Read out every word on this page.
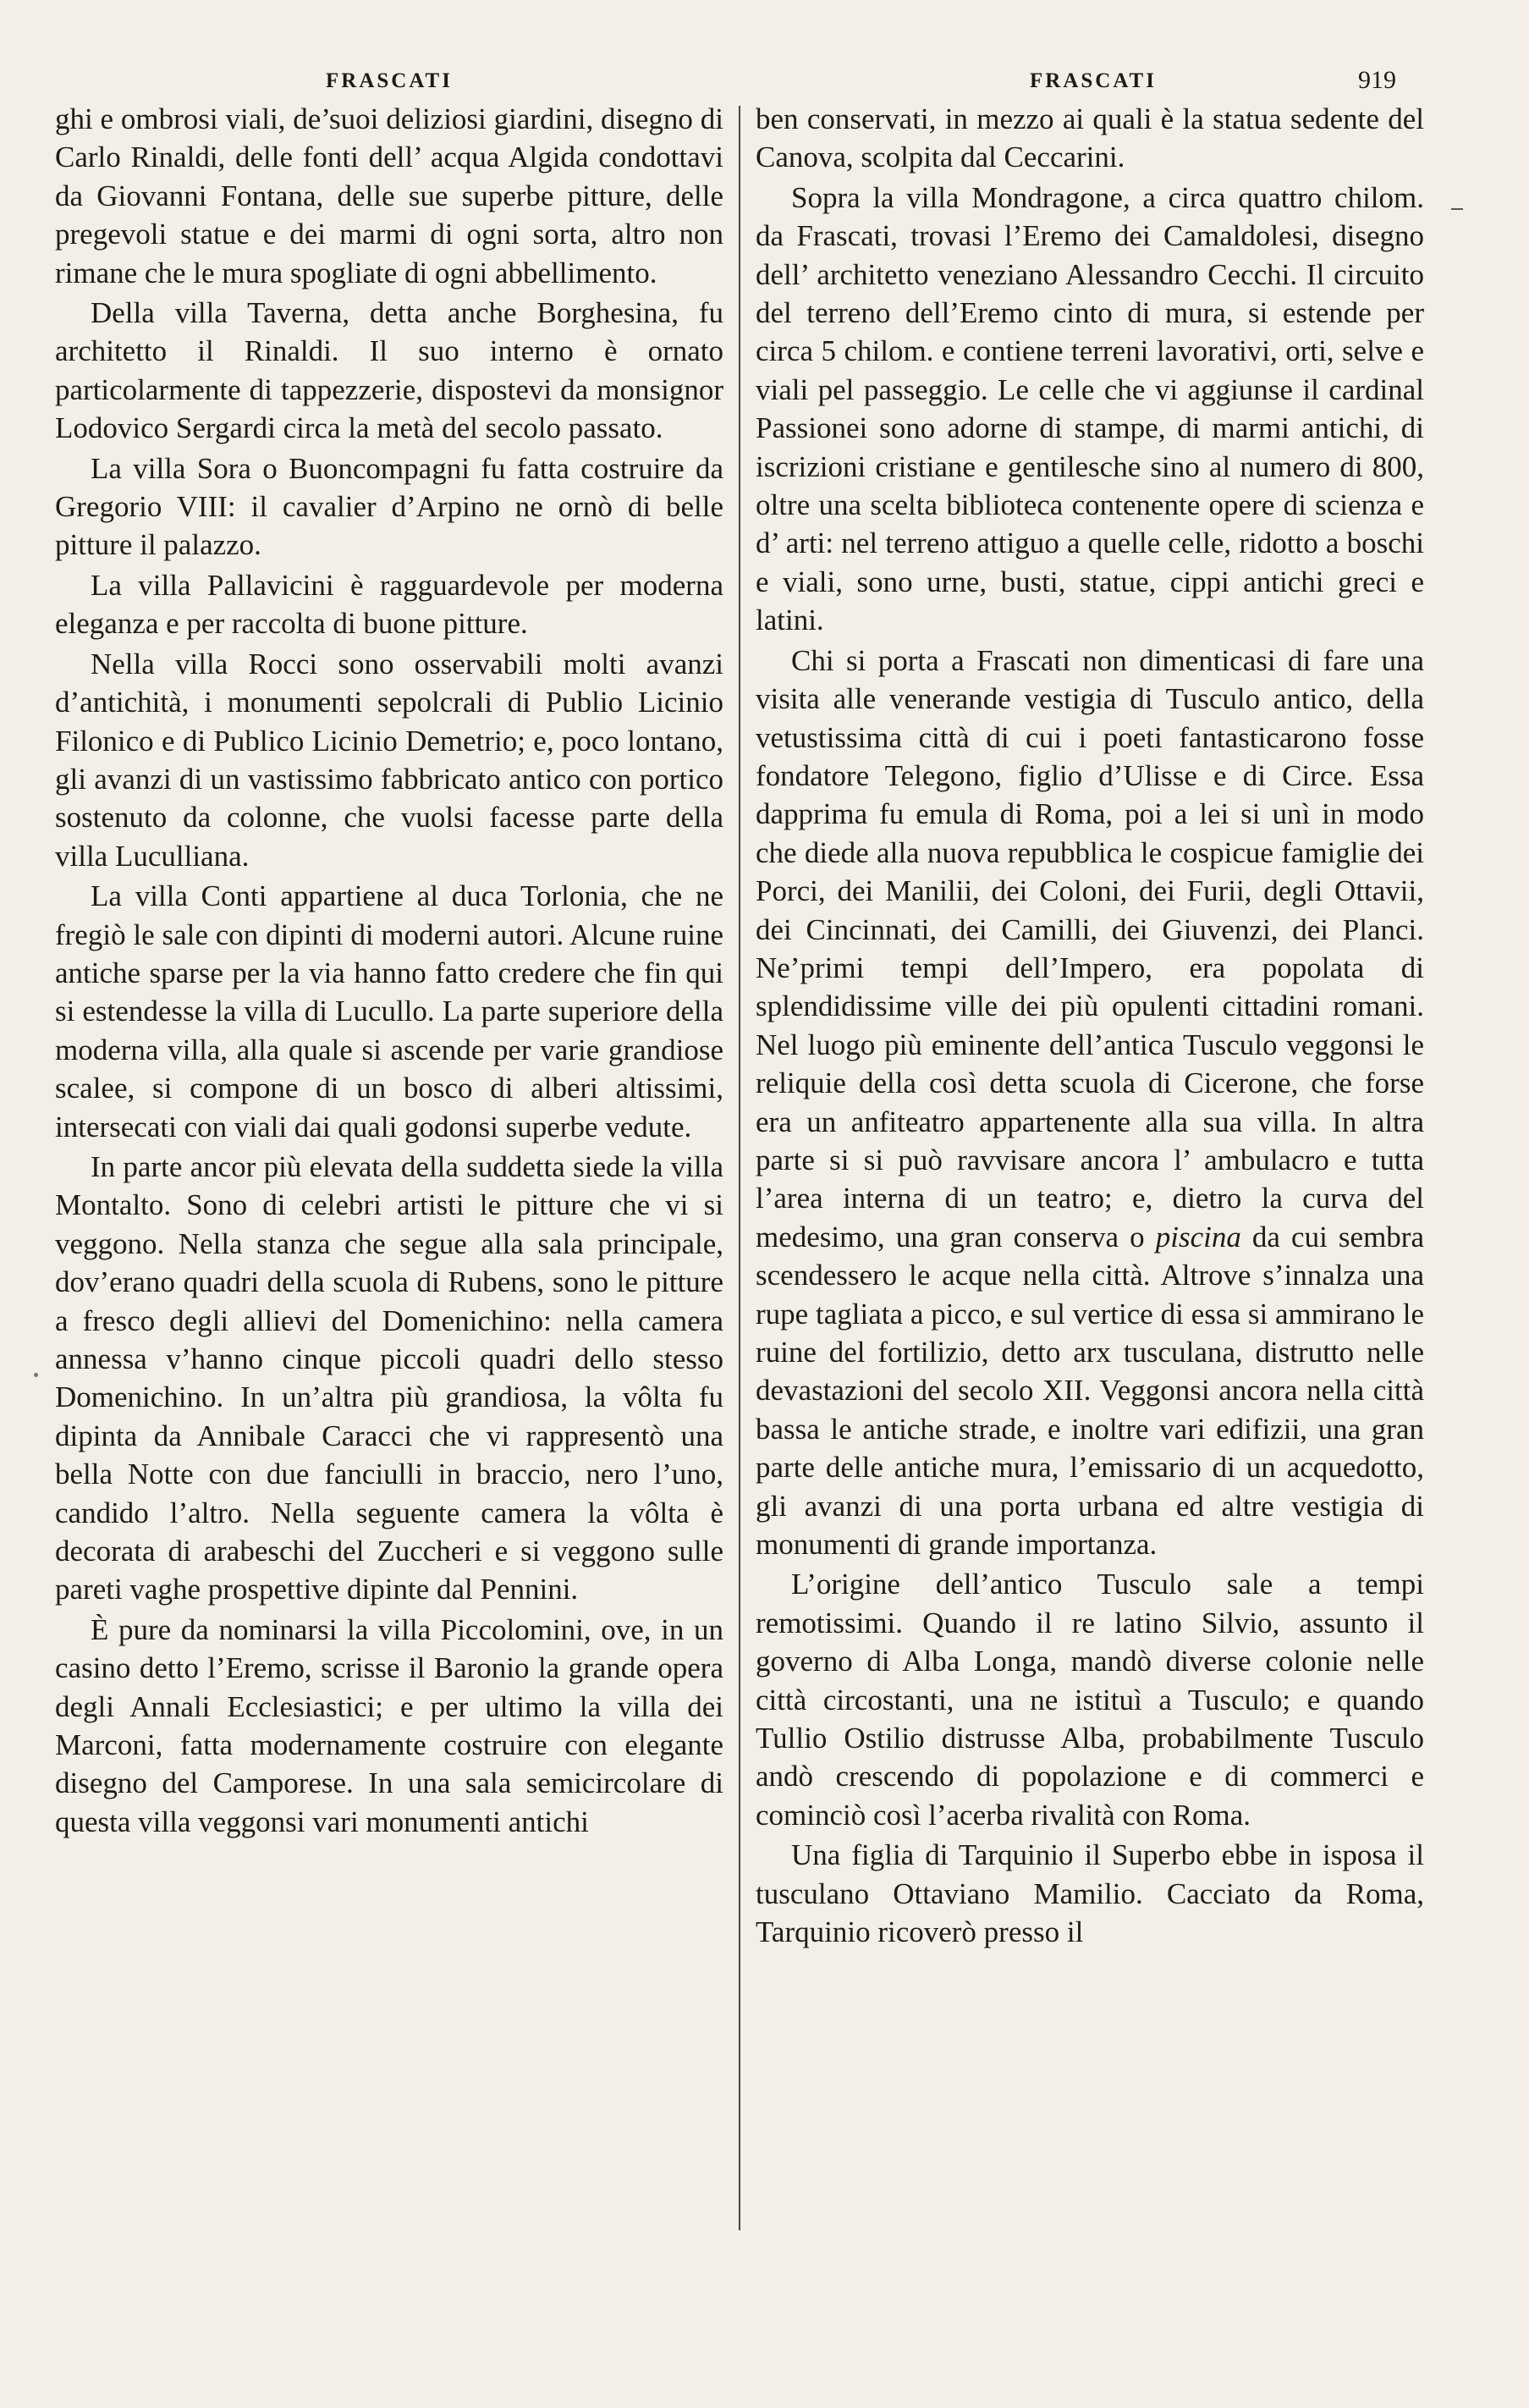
FRASCATI	FRASCATI	919

ghi e ombrosi viali, de’suoi deliziosi giardini, disegno di Carlo Rinaldi, delle fonti dell’ acqua Algida condottavi da Giovanni Fontana, delle sue superbe pitture, delle pregevoli statue e dei marmi di ogni sorta, altro non rimane che le mura spogliate di ogni abbellimento.

Della villa Taverna, detta anche Borghesina, fu architetto il Rinaldi. Il suo interno è ornato particolarmente di tappezzerie, dispostevi da monsignor Lodovico Sergardi circa la metà del secolo passato.

La villa Sora o Buoncompagni fu fatta costruire da Gregorio VIII: il cavalier d’Arpino ne ornò di belle pitture il palazzo.

La villa Pallavicini è ragguardevole per moderna eleganza e per raccolta di buone pitture.

Nella villa Rocci sono osservabili molti avanzi d’antichità, i monumenti sepolcrali di Publio Licinio Filonico e di Publico Licinio Demetrio; e, poco lontano, gli avanzi di un vastissimo fabbricato antico con portico sostenuto da colonne, che vuolsi facesse parte della villa Luculliana.

La villa Conti appartiene al duca Torlonia, che ne fregiò le sale con dipinti di moderni autori. Alcune ruine antiche sparse per la via hanno fatto credere che fin qui si estendesse la villa di Lucullo. La parte superiore della moderna villa, alla quale si ascende per varie grandiose scalee, si compone di un bosco di alberi altissimi, intersecati con viali dai quali godonsi superbe vedute.

In parte ancor più elevata della suddetta siede la villa Montalto. Sono di celebri artisti le pitture che vi si veggono. Nella stanza che segue alla sala principale, dov’erano quadri della scuola di Rubens, sono le pitture a fresco degli allievi del Domenichino: nella camera annessa v’hanno cinque piccoli quadri dello stesso Domenichino. In un’altra più grandiosa, la vôlta fu dipinta da Annibale Caracci che vi rappresentò una bella Notte con due fanciulli in braccio, nero l’uno, candido l’altro. Nella seguente camera la vôlta è decorata di arabeschi del Zuccheri e si veggono sulle pareti vaghe prospettive dipinte dal Pennini.

È pure da nominarsi la villa Piccolomini, ove, in un casino detto l’Eremo, scrisse il Baronio la grande opera degli Annali Ecclesiastici; e per ultimo la villa dei Marconi, fatta modernamente costruire con elegante disegno del Camporese. In una sala semicircolare di questa villa veggonsi vari monumenti antichi

ben conservati, in mezzo ai quali è la statua sedente del Canova, scolpita dal Ceccarini.

Sopra la villa Mondragone, a circa quattro chilom. da Frascati, trovasi l’Eremo dei Camaldolesi, disegno dell’ architetto veneziano Alessandro Cecchi. Il circuito del terreno dell’Eremo cinto di mura, si estende per circa 5 chilom. e contiene terreni lavorativi, orti, selve e viali pel passeggio. Le celle che vi aggiunse il cardinal Passionei sono adorne di stampe, di marmi antichi, di iscrizioni cristiane e gentilesche sino al numero di 800, oltre una scelta biblioteca contenente opere di scienza e d’ arti: nel terreno attiguo a quelle celle, ridotto a boschi e viali, sono urne, busti, statue, cippi antichi greci e latini.

Chi si porta a Frascati non dimenticasi di fare una visita alle venerande vestigia di Tusculo antico, della vetustissima città di cui i poeti fantasticarono fosse fondatore Telegono, figlio d’Ulisse e di Circe. Essa dapprima fu emula di Roma, poi a lei si unì in modo che diede alla nuova repubblica le cospicue famiglie dei Porci, dei Manilii, dei Coloni, dei Furii, degli Ottavii, dei Cincinnati, dei Camilli, dei Giuvenzi, dei Planci. Ne’primi tempi dell’Impero, era popolata di splendidissime ville dei più opulenti cittadini romani. Nel luogo più eminente dell’antica Tusculo veggonsi le reliquie della così detta scuola di Cicerone, che forse era un anfiteatro appartenente alla sua villa. In altra parte si si può ravvisare ancora l’ ambulacro e tutta l’area interna di un teatro; e, dietro la curva del medesimo, una gran conserva o piscina da cui sembra scendessero le acque nella città. Altrove s’innalza una rupe tagliata a picco, e sul vertice di essa si ammirano le ruine del fortilizio, detto arx tusculana, distrutto nelle devastazioni del secolo XII. Veggonsi ancora nella città bassa le antiche strade, e inoltre vari edifizii, una gran parte delle antiche mura, l’emissario di un acquedotto, gli avanzi di una porta urbana ed altre vestigia di monumenti di grande importanza.

L’origine dell’antico Tusculo sale a tempi remotissimi. Quando il re latino Silvio, assunto il governo di Alba Longa, mandò diverse colonie nelle città circostanti, una ne istituì a Tusculo; e quando Tullio Ostilio distrusse Alba, probabilmente Tusculo andò crescendo di popolazione e di commerci e cominciò così l’acerba rivalità con Roma.

Una figlia di Tarquinio il Superbo ebbe in isposa il tusculano Ottaviano Mamilio. Cacciato da Roma, Tarquinio ricoverò presso il
